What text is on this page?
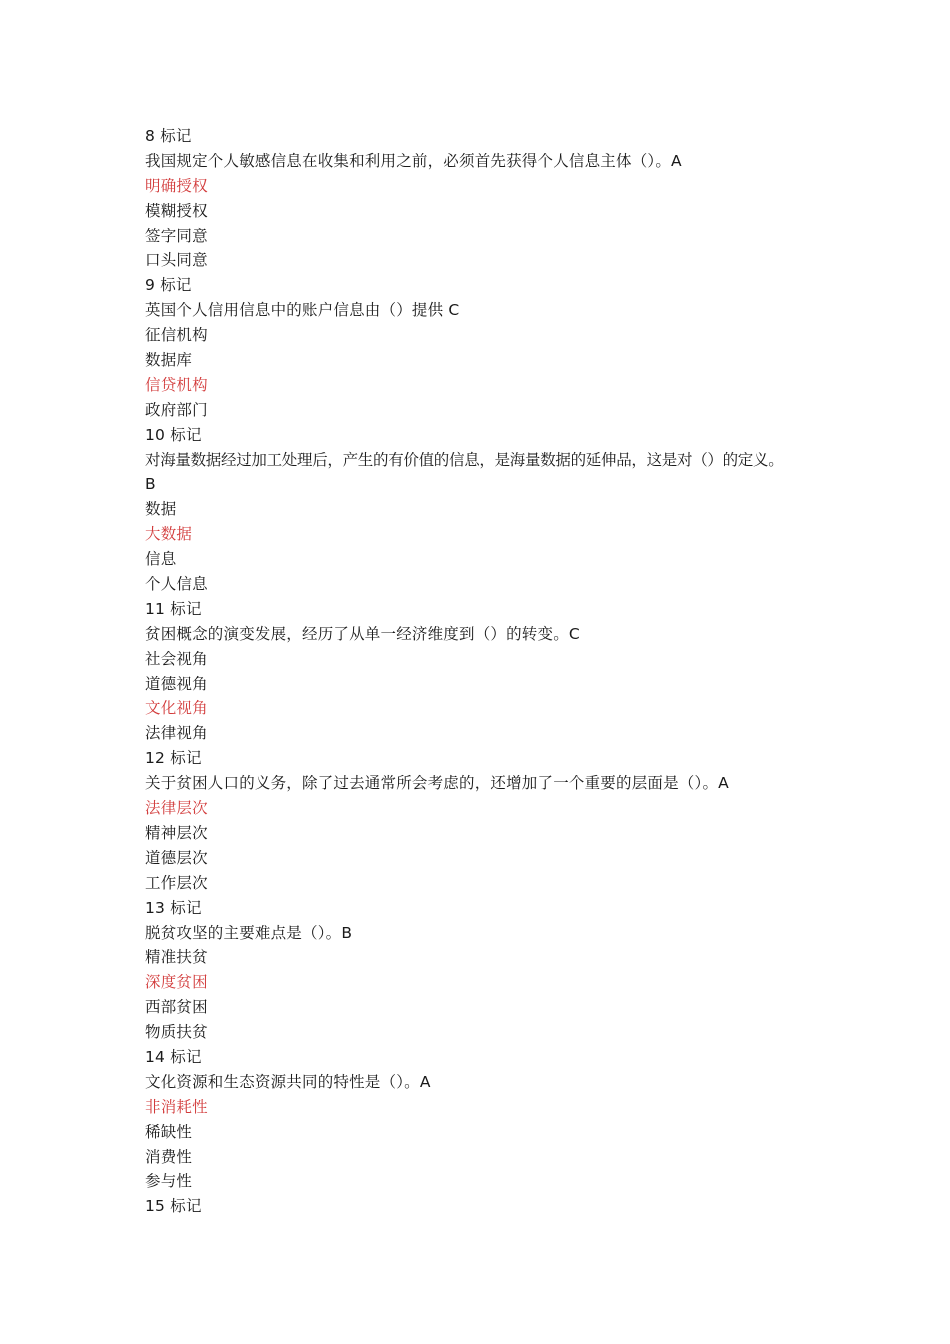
8 标记
我国规定个人敏感信息在收集和利用之前，必须首先获得个人信息主体（）。A
明确授权
模糊授权
签字同意
口头同意
9 标记
英国个人信用信息中的账户信息由（）提供 C
征信机构
数据库
信贷机构
政府部门
10 标记
对海量数据经过加工处理后，产生的有价值的信息，是海量数据的延伸品，这是对（）的定义。
B
数据
大数据
信息
个人信息
11 标记
贫困概念的演变发展，经历了从单一经济维度到（）的转变。C
社会视角
道德视角
文化视角
法律视角
12 标记
关于贫困人口的义务，除了过去通常所会考虑的，还增加了一个重要的层面是（）。A
法律层次
精神层次
道德层次
工作层次
13 标记
脱贫攻坚的主要难点是（）。B
精准扶贫
深度贫困
西部贫困
物质扶贫
14 标记
文化资源和生态资源共同的特性是（）。A
非消耗性
稀缺性
消费性
参与性
15 标记
